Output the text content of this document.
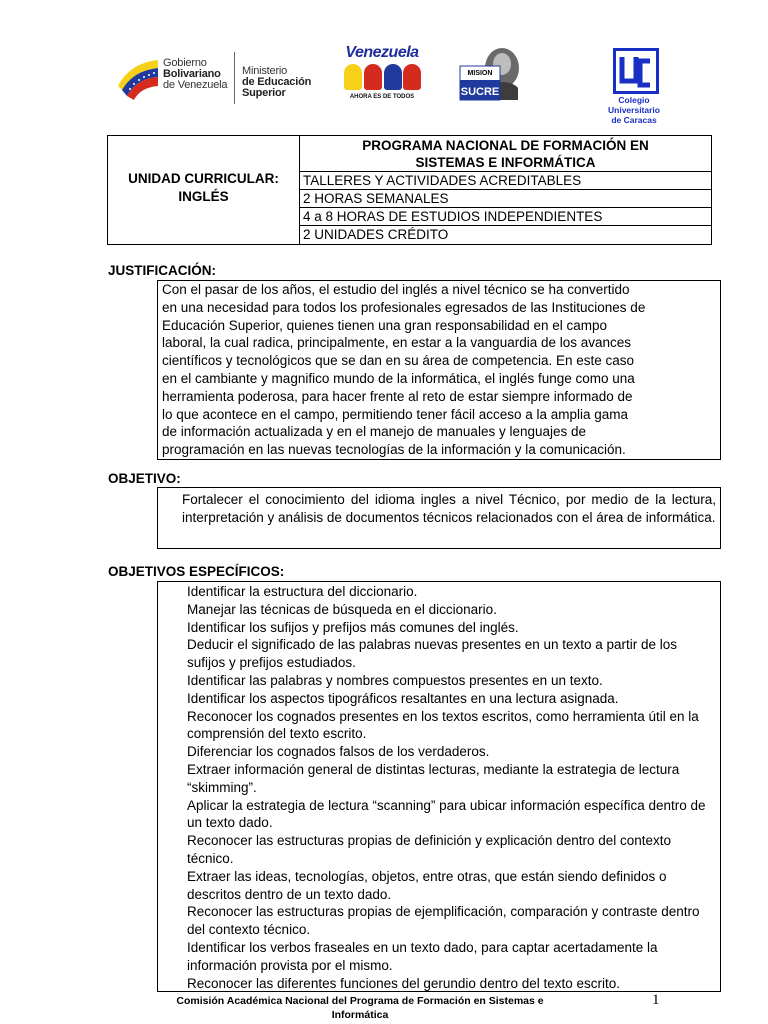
Gobierno
Bolivariano
de Venezuela
Ministerio
de Educación
Superior
Venezuela
AHORA ES DE TODOS
MISION
SUCRE
Colegio Universitario
de Caracas
UNIDAD CURRICULAR:
INGLÉS
PROGRAMA NACIONAL DE FORMACIÓN EN
SISTEMAS E INFORMÁTICA
TALLERES Y ACTIVIDADES ACREDITABLES
2 HORAS SEMANALES
4 a 8 HORAS DE ESTUDIOS INDEPENDIENTES
2 UNIDADES CRÉDITO
JUSTIFICACIÓN:
Con el pasar de los años, el estudio del inglés a nivel técnico se ha convertido
en una necesidad para todos los profesionales egresados de las Instituciones de
Educación Superior, quienes tienen una gran responsabilidad en el campo
laboral, la cual radica, principalmente, en estar a la vanguardia de los avances
científicos y tecnológicos que se dan en su área de competencia. En este caso
en el cambiante y magnifico mundo de la informática, el inglés funge como una
herramienta poderosa, para hacer frente al reto de estar siempre informado de
lo que acontece en el campo, permitiendo tener fácil acceso a la amplia gama
de información actualizada y en el manejo de manuales y lenguajes de
programación en las nuevas tecnologías de la información y la comunicación.
OBJETIVO:
Fortalecer el conocimiento del idioma ingles a nivel Técnico, por medio de la lectura, interpretación y análisis de documentos técnicos relacionados con el área de informática.
OBJETIVOS ESPECÍFICOS:
Identificar la estructura del diccionario.
Manejar las técnicas de búsqueda en el diccionario.
Identificar los sufijos y prefijos más comunes del inglés.
Deducir el significado de las palabras nuevas presentes en un texto a partir de los sufijos y prefijos estudiados.
Identificar las palabras y nombres compuestos presentes en un texto.
Identificar los aspectos tipográficos resaltantes en una lectura asignada.
Reconocer los cognados presentes en los textos escritos, como herramienta útil en la comprensión del texto escrito.
Diferenciar los cognados falsos de los verdaderos.
Extraer información general de distintas lecturas, mediante la estrategia de lectura “skimming”.
Aplicar la estrategia de lectura “scanning” para ubicar información específica dentro de un texto dado.
Reconocer las estructuras propias de definición y explicación dentro del contexto técnico.
Extraer las ideas, tecnologías, objetos, entre otras, que están siendo definidos o descritos dentro de un texto dado.
Reconocer las estructuras propias de ejemplificación, comparación y contraste dentro del contexto técnico.
Identificar los verbos fraseales en un texto dado, para captar acertadamente la información provista por el mismo.
Reconocer las diferentes funciones del gerundio dentro del texto escrito.
Comisión Académica Nacional del Programa de Formación en Sistemas e
Informática
1
